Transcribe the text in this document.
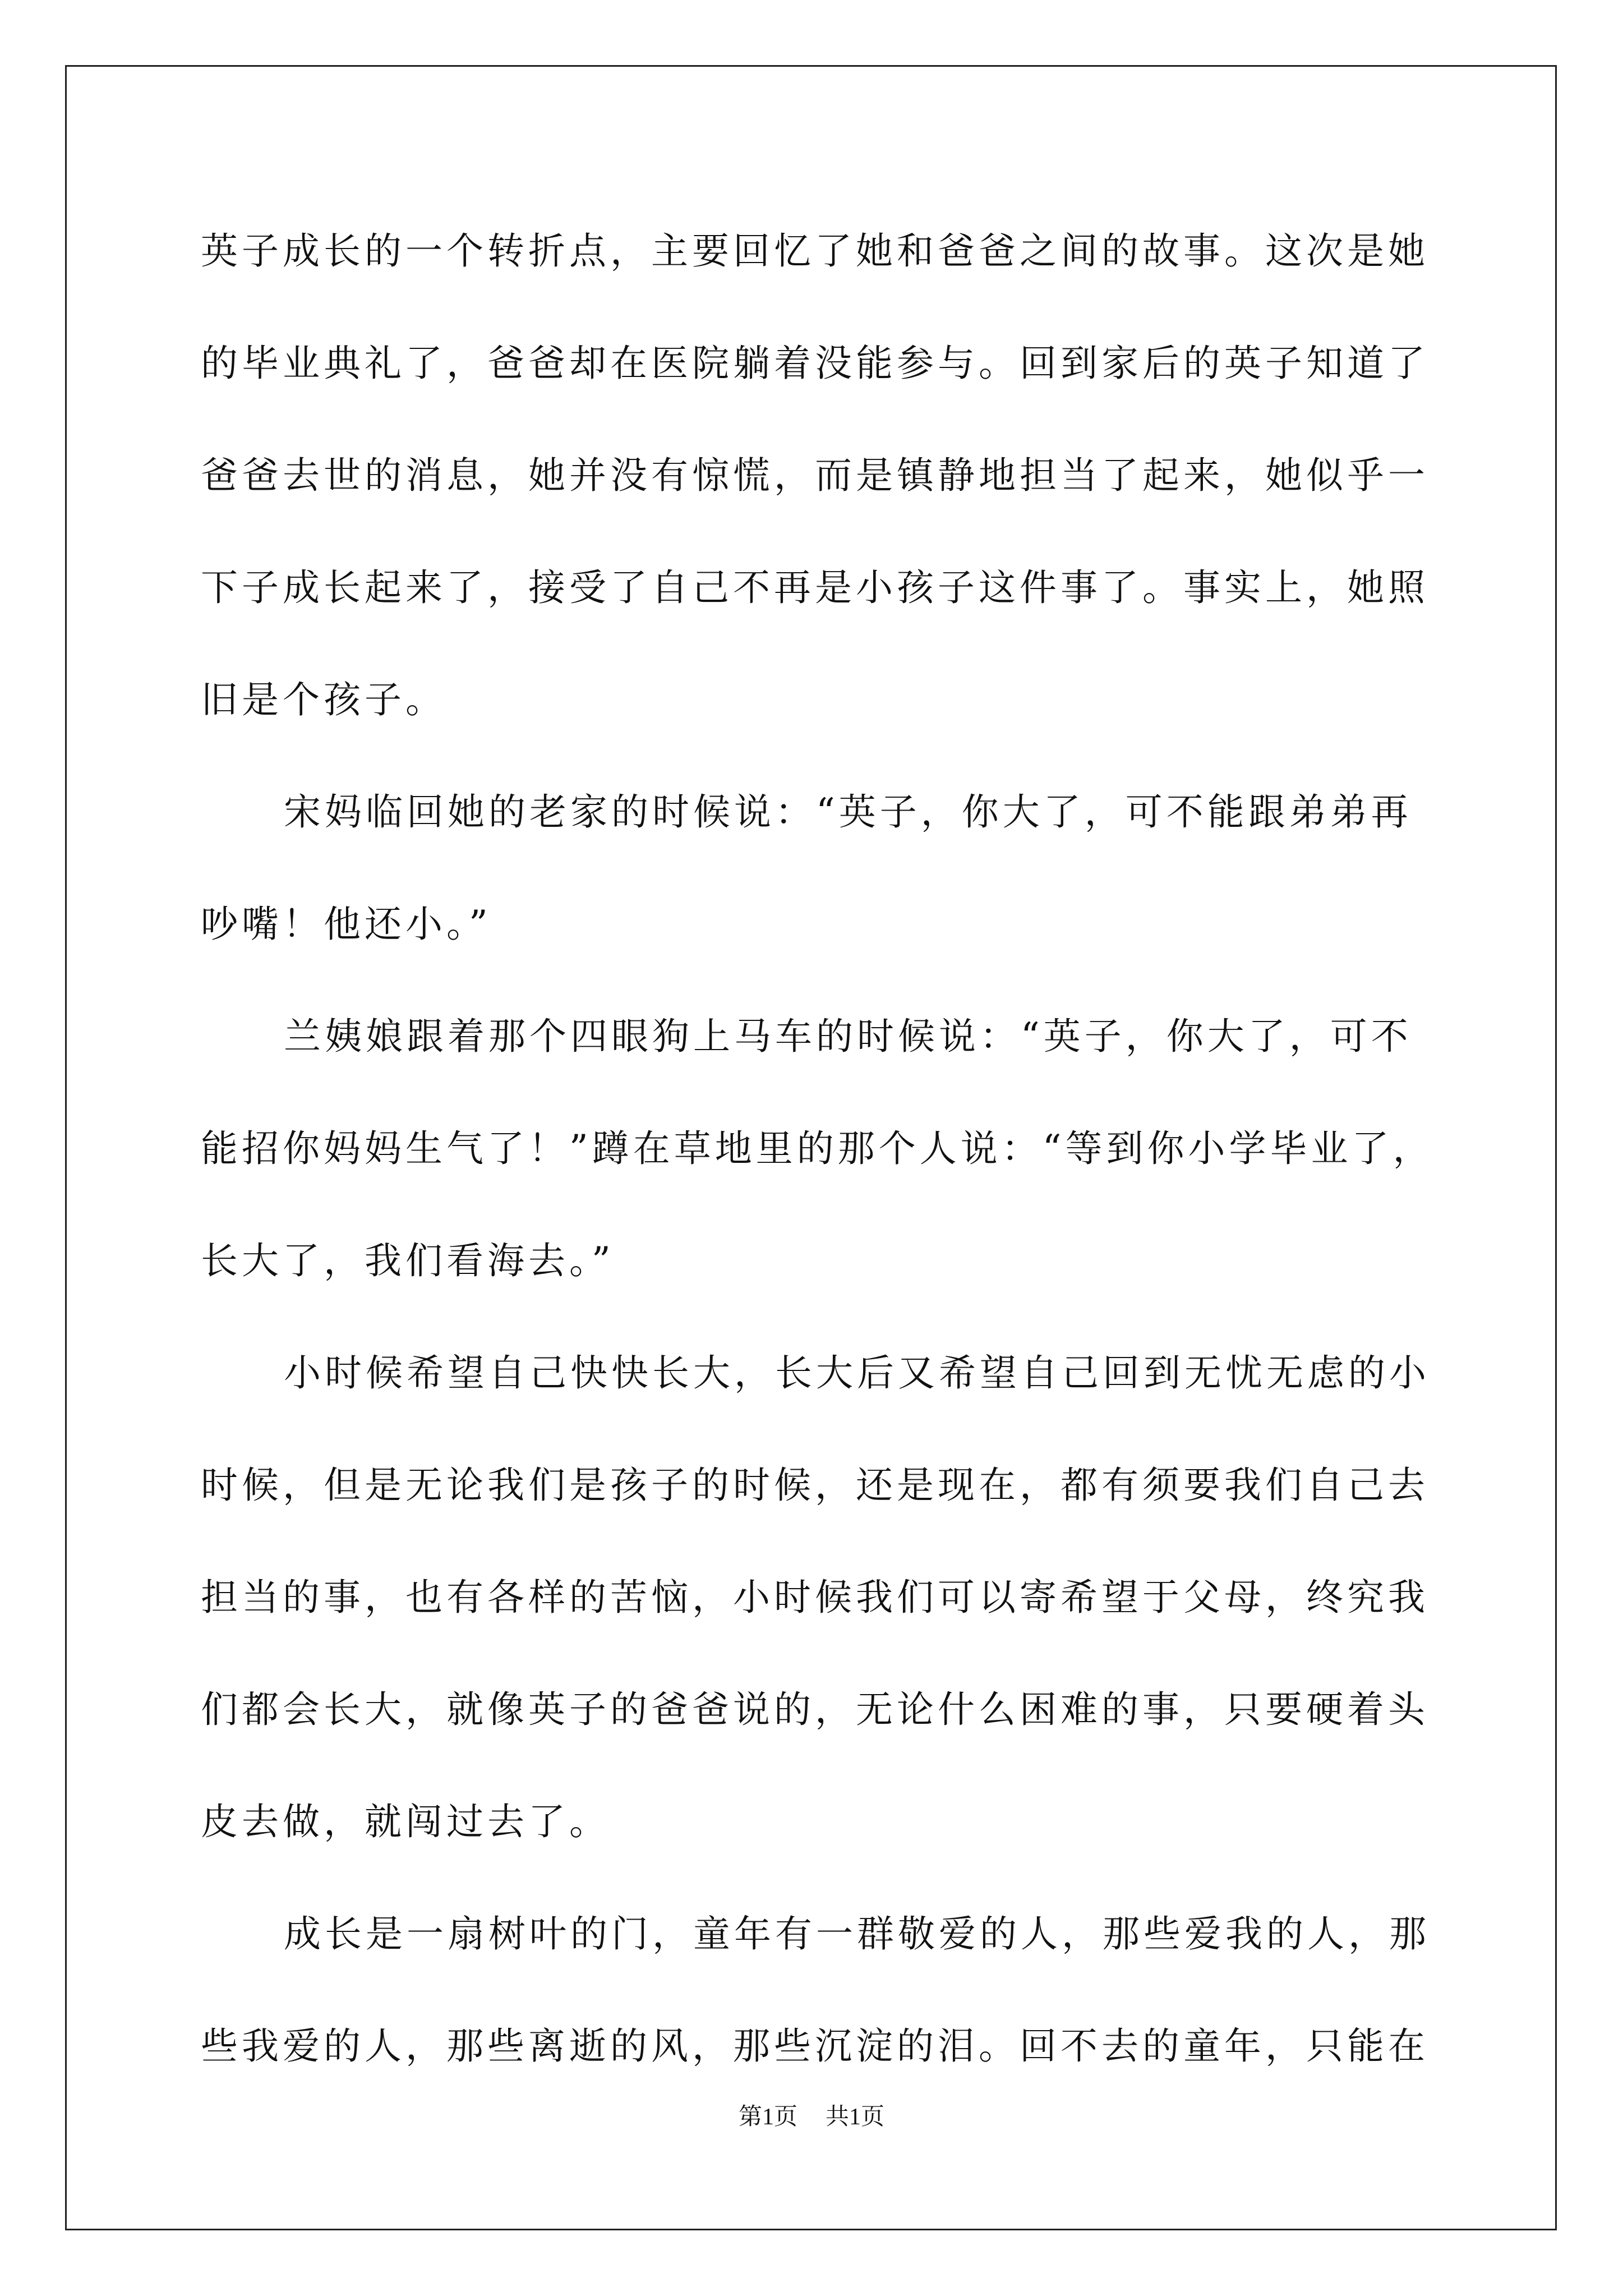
英子成长的一个转折点，主要回忆了她和爸爸之间的故事。这次是她
的毕业典礼了，爸爸却在医院躺着没能参与。回到家后的英子知道了
爸爸去世的消息，她并没有惊慌，而是镇静地担当了起来，她似乎一
下子成长起来了，接受了自己不再是小孩子这件事了。事实上，她照
旧是个孩子。
宋妈临回她的老家的时候说：“英子，你大了，可不能跟弟弟再
吵嘴！他还小。”
兰姨娘跟着那个四眼狗上马车的时候说：“英子，你大了，可不
能招你妈妈生气了！”蹲在草地里的那个人说：“等到你小学毕业了，
长大了，我们看海去。”
小时候希望自己快快长大，长大后又希望自己回到无忧无虑的小
时候，但是无论我们是孩子的时候，还是现在，都有须要我们自己去
担当的事，也有各样的苦恼，小时候我们可以寄希望于父母，终究我
们都会长大，就像英子的爸爸说的，无论什么困难的事，只要硬着头
皮去做，就闯过去了。
成长是一扇树叶的门，童年有一群敬爱的人，那些爱我的人，那
些我爱的人，那些离逝的风，那些沉淀的泪。回不去的童年，只能在
第1页 共1页
